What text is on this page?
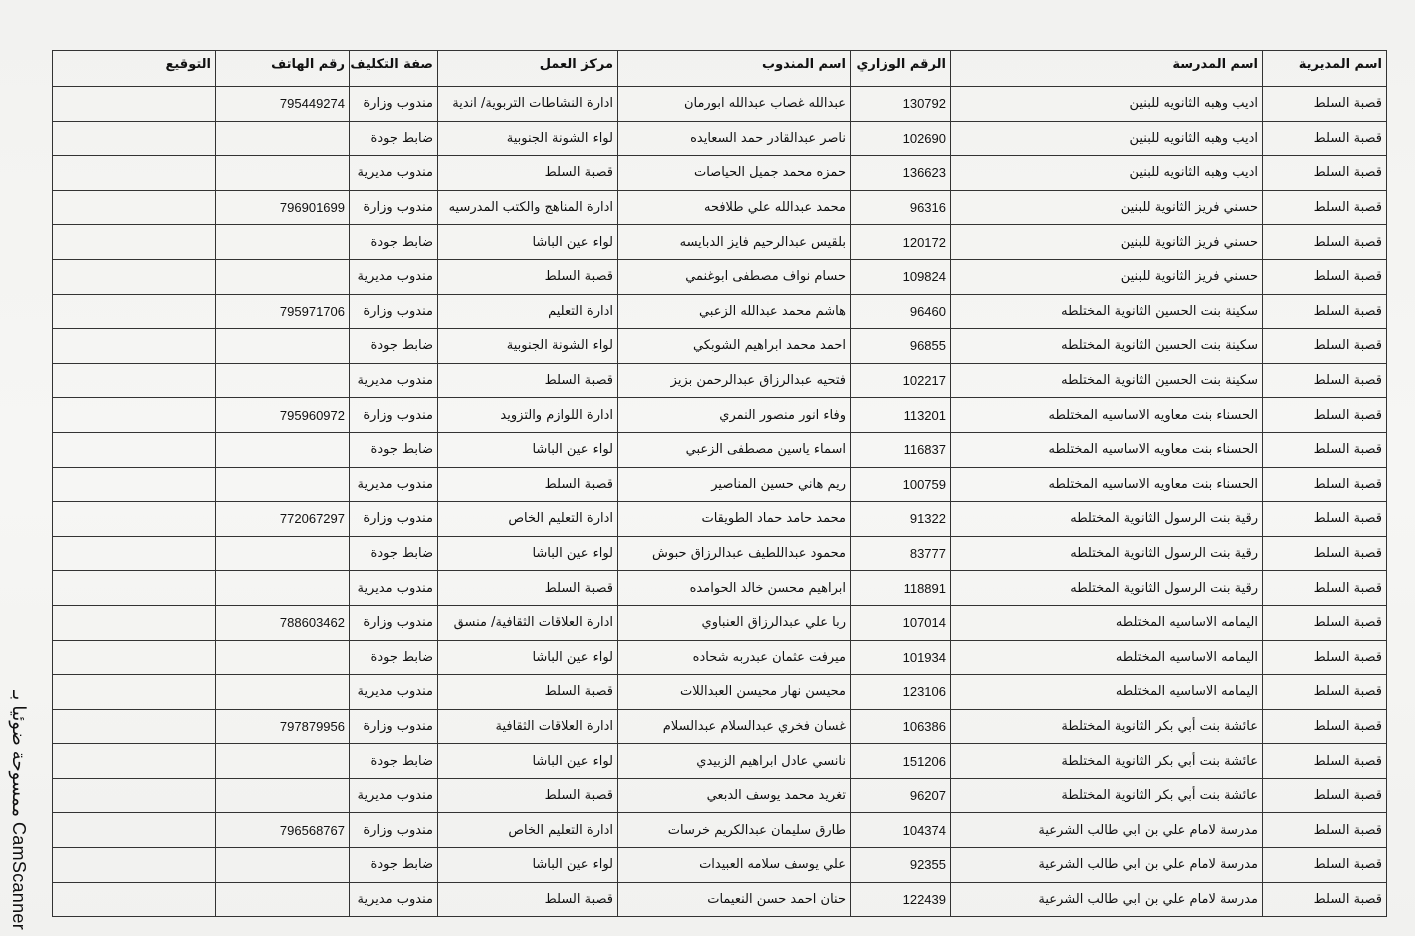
اسم المديرية	اسم المدرسة	الرقم الوزاري	اسم المندوب	مركز العمل	صفة التكليف	رقم الهاتف	التوقيع
قصبة السلط	اديب وهبه الثانويه للبنين	130792	عبدالله غصاب عبدالله ابورمان	ادارة النشاطات التربوية/ اندية	مندوب وزارة	795449274	
قصبة السلط	اديب وهبه الثانويه للبنين	102690	ناصر عبدالقادر حمد السعايده	لواء الشونة الجنوبية	ضابط جودة		
قصبة السلط	اديب وهبه الثانويه للبنين	136623	حمزه محمد جميل الحياصات	قصبة السلط	مندوب مديرية		
قصبة السلط	حسني فريز الثانوية للبنين	96316	محمد عبدالله علي طلافحه	ادارة المناهج والكتب المدرسيه	مندوب وزارة	796901699	
قصبة السلط	حسني فريز الثانوية للبنين	120172	بلقيس عبدالرحيم فايز الدبايسه	لواء عين الباشا	ضابط جودة		
قصبة السلط	حسني فريز الثانوية للبنين	109824	حسام نواف مصطفى ابوغنمي	قصبة السلط	مندوب مديرية		
قصبة السلط	سكينة بنت الحسين الثانوية المختلطه	96460	هاشم محمد عبدالله الزعبي	ادارة التعليم	مندوب وزارة	795971706	
قصبة السلط	سكينة بنت الحسين الثانوية المختلطه	96855	احمد محمد ابراهيم الشوبكي	لواء الشونة الجنوبية	ضابط جودة		
قصبة السلط	سكينة بنت الحسين الثانوية المختلطه	102217	فتحيه عبدالرزاق عبدالرحمن بزيز	قصبة السلط	مندوب مديرية		
قصبة السلط	الحسناء بنت معاويه الاساسيه المختلطه	113201	وفاء انور منصور النمري	ادارة اللوازم والتزويد	مندوب وزارة	795960972	
قصبة السلط	الحسناء بنت معاويه الاساسيه المختلطه	116837	اسماء ياسين مصطفى الزعبي	لواء عين الباشا	ضابط جودة		
قصبة السلط	الحسناء بنت معاويه الاساسيه المختلطه	100759	ريم هاني حسين المناصير	قصبة السلط	مندوب مديرية		
قصبة السلط	رقية بنت الرسول الثانوية المختلطه	91322	محمد حامد حماد الطويقات	ادارة التعليم الخاص	مندوب وزارة	772067297	
قصبة السلط	رقية بنت الرسول الثانوية المختلطه	83777	محمود عبداللطيف عبدالرزاق حبوش	لواء عين الباشا	ضابط جودة		
قصبة السلط	رقية بنت الرسول الثانوية المختلطه	118891	ابراهيم محسن خالد الحوامده	قصبة السلط	مندوب مديرية		
قصبة السلط	اليمامه الاساسيه المختلطه	107014	ربا علي عبدالرزاق العنباوي	ادارة العلاقات الثقافية/ منسق	مندوب وزارة	788603462	
قصبة السلط	اليمامه الاساسيه المختلطه	101934	ميرفت عثمان عبدربه شحاده	لواء عين الباشا	ضابط جودة		
قصبة السلط	اليمامه الاساسيه المختلطه	123106	محيسن نهار محيسن العبداللات	قصبة السلط	مندوب مديرية		
قصبة السلط	عائشة بنت أبي بكر الثانوية المختلطة	106386	غسان فخري عبدالسلام عبدالسلام	ادارة العلاقات الثقافية	مندوب وزارة	797879956	
قصبة السلط	عائشة بنت أبي بكر الثانوية المختلطة	151206	نانسي عادل ابراهيم الزبيدي	لواء عين الباشا	ضابط جودة		
قصبة السلط	عائشة بنت أبي بكر الثانوية المختلطة	96207	تغريد محمد يوسف الدبعي	قصبة السلط	مندوب مديرية		
قصبة السلط	مدرسة لامام علي بن ابي طالب الشرعية	104374	طارق سليمان عبدالكريم خرسات	ادارة التعليم الخاص	مندوب وزارة	796568767	
قصبة السلط	مدرسة لامام علي بن ابي طالب الشرعية	92355	علي يوسف سلامه العبيدات	لواء عين الباشا	ضابط جودة		
قصبة السلط	مدرسة لامام علي بن ابي طالب الشرعية	122439	حنان احمد حسن النعيمات	قصبة السلط	مندوب مديرية		
ممسوحة ضوئيا بـ CamScanner
